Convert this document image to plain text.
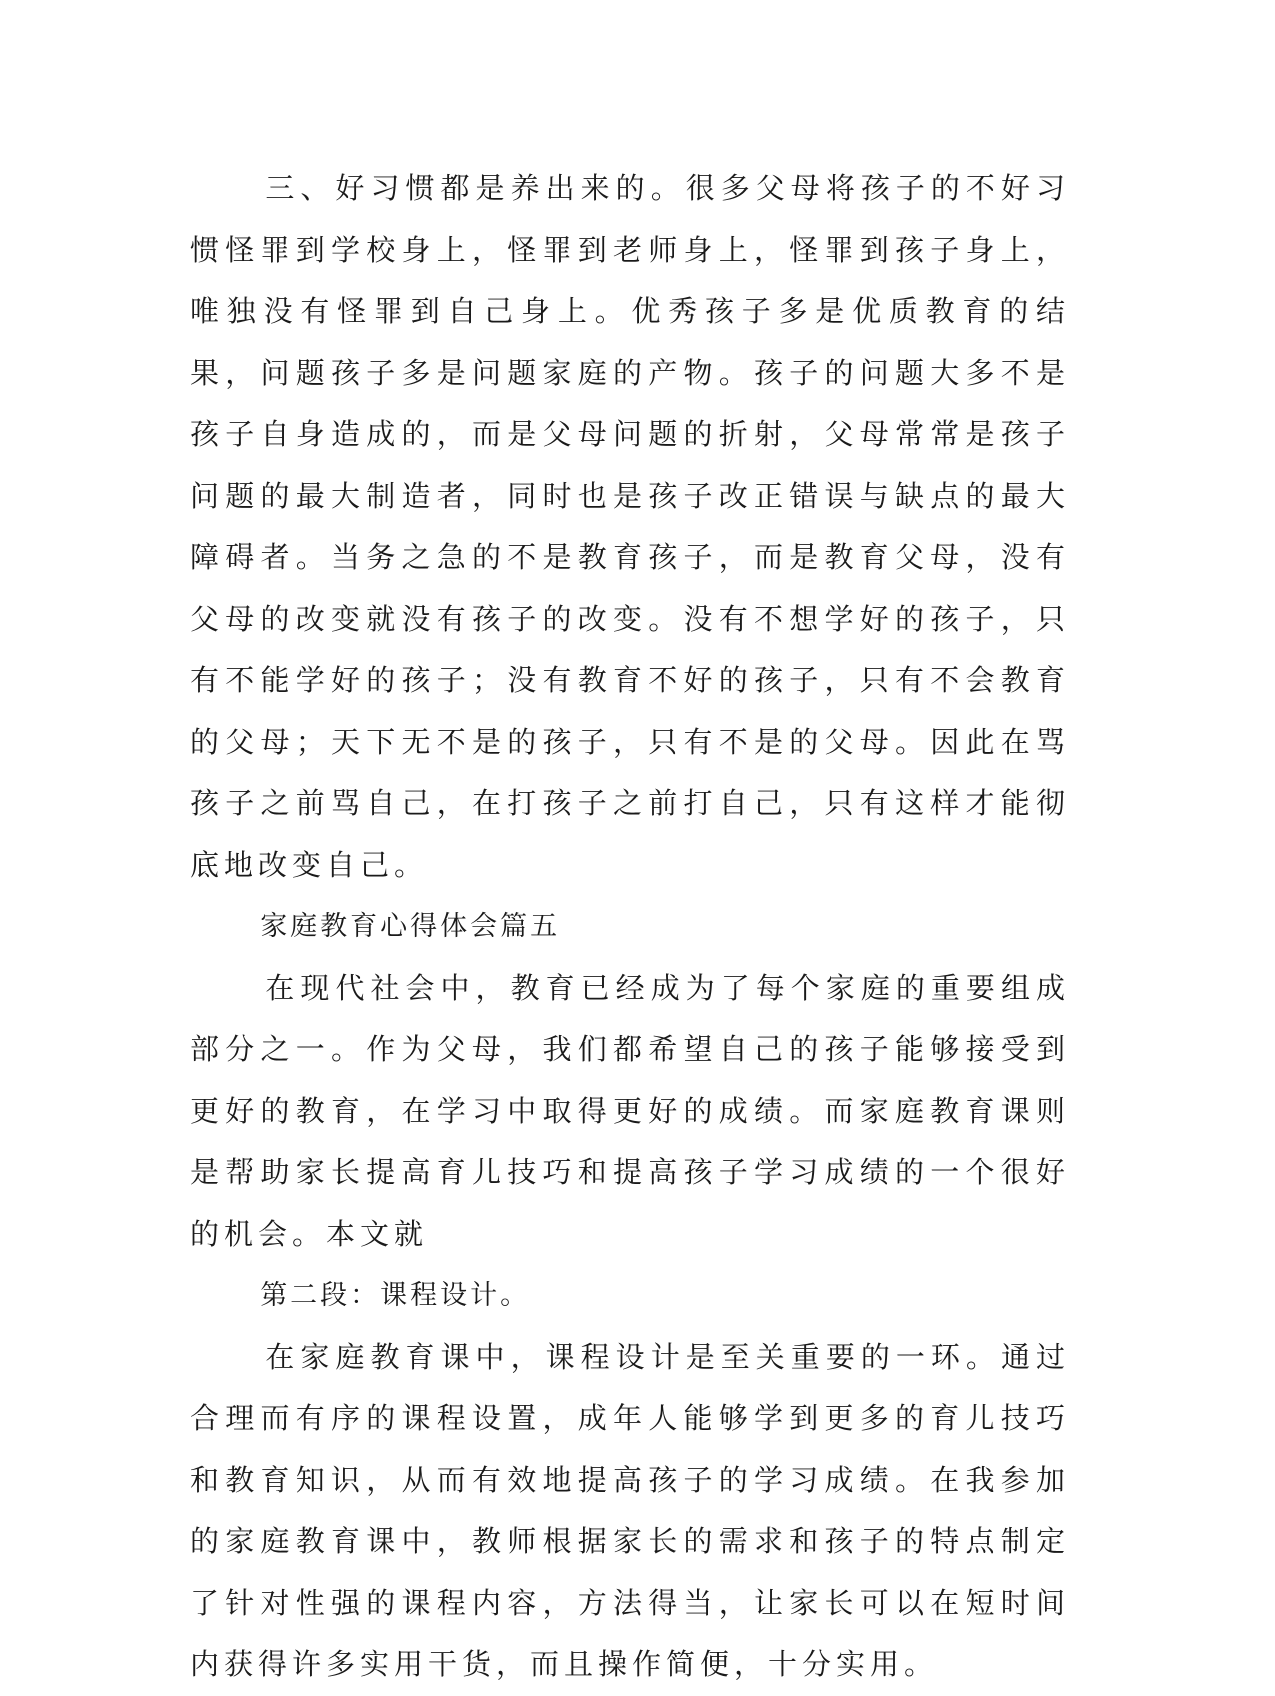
三、好习惯都是养出来的。很多父母将孩子的不好习惯怪罪到学校身上，怪罪到老师身上，怪罪到孩子身上，唯独没有怪罪到自己身上。优秀孩子多是优质教育的结果，问题孩子多是问题家庭的产物。孩子的问题大多不是孩子自身造成的，而是父母问题的折射，父母常常是孩子问题的最大制造者，同时也是孩子改正错误与缺点的最大障碍者。当务之急的不是教育孩子，而是教育父母，没有父母的改变就没有孩子的改变。没有不想学好的孩子，只有不能学好的孩子；没有教育不好的孩子，只有不会教育的父母；天下无不是的孩子，只有不是的父母。因此在骂孩子之前骂自己，在打孩子之前打自己，只有这样才能彻底地改变自己。

家庭教育心得体会篇五

在现代社会中，教育已经成为了每个家庭的重要组成部分之一。作为父母，我们都希望自己的孩子能够接受到更好的教育，在学习中取得更好的成绩。而家庭教育课则是帮助家长提高育儿技巧和提高孩子学习成绩的一个很好的机会。本文就

第二段：课程设计。

在家庭教育课中，课程设计是至关重要的一环。通过合理而有序的课程设置，成年人能够学到更多的育儿技巧和教育知识，从而有效地提高孩子的学习成绩。在我参加的家庭教育课中，教师根据家长的需求和孩子的特点制定了针对性强的课程内容，方法得当，让家长可以在短时间内获得许多实用干货，而且操作简便，十分实用。
